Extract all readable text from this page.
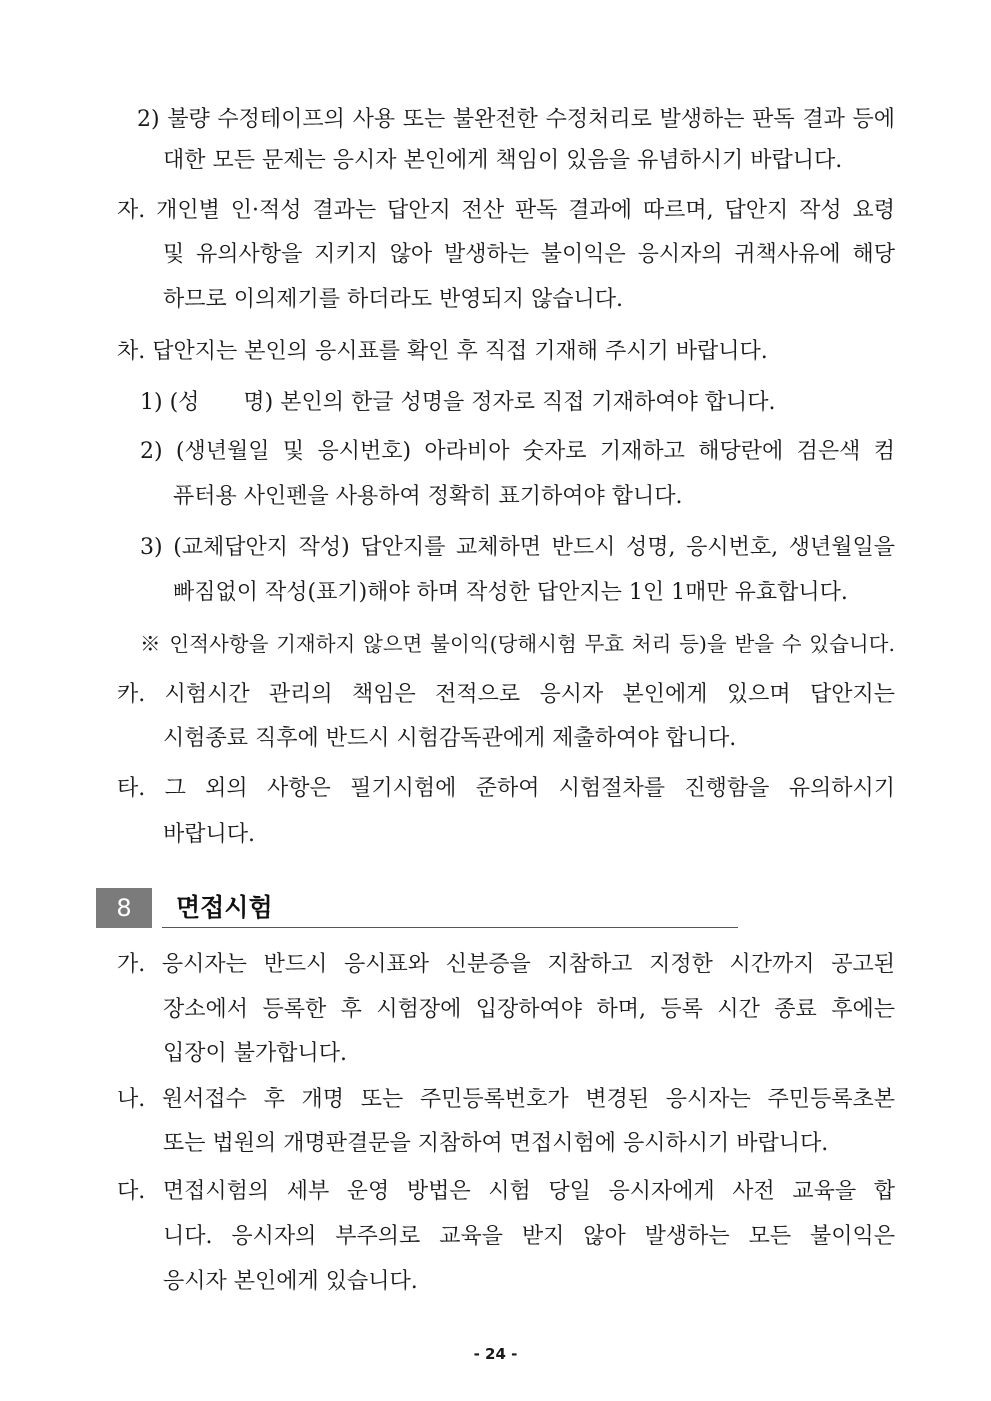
2) 불량 수정테이프의 사용 또는 불완전한 수정처리로 발생하는 판독 결과 등에
대한 모든 문제는 응시자 본인에게 책임이 있음을 유념하시기 바랍니다.
자. 개인별 인·적성 결과는 답안지 전산 판독 결과에 따르며, 답안지 작성 요령
및 유의사항을 지키지 않아 발생하는 불이익은 응시자의 귀책사유에 해당
하므로 이의제기를 하더라도 반영되지 않습니다.
차. 답안지는 본인의 응시표를 확인 후 직접 기재해 주시기 바랍니다.
1) (성　　명) 본인의 한글 성명을 정자로 직접 기재하여야 합니다.
2) (생년월일 및 응시번호) 아라비아 숫자로 기재하고 해당란에 검은색 컴
퓨터용 사인펜을 사용하여 정확히 표기하여야 합니다.
3) (교체답안지 작성) 답안지를 교체하면 반드시 성명, 응시번호, 생년월일을
빠짐없이 작성(표기)해야 하며 작성한 답안지는 1인 1매만 유효합니다.
※ 인적사항을 기재하지 않으면 불이익(당해시험 무효 처리 등)을 받을 수 있습니다.
카. 시험시간 관리의 책임은 전적으로 응시자 본인에게 있으며 답안지는
시험종료 직후에 반드시 시험감독관에게 제출하여야 합니다.
타. 그 외의 사항은 필기시험에 준하여 시험절차를 진행함을 유의하시기
바랍니다.
8	면접시험
가. 응시자는 반드시 응시표와 신분증을 지참하고 지정한 시간까지 공고된
장소에서 등록한 후 시험장에 입장하여야 하며, 등록 시간 종료 후에는
입장이 불가합니다.
나. 원서접수 후 개명 또는 주민등록번호가 변경된 응시자는 주민등록초본
또는 법원의 개명판결문을 지참하여 면접시험에 응시하시기 바랍니다.
다. 면접시험의 세부 운영 방법은 시험 당일 응시자에게 사전 교육을 합
니다. 응시자의 부주의로 교육을 받지 않아 발생하는 모든 불이익은
응시자 본인에게 있습니다.
- 24 -
